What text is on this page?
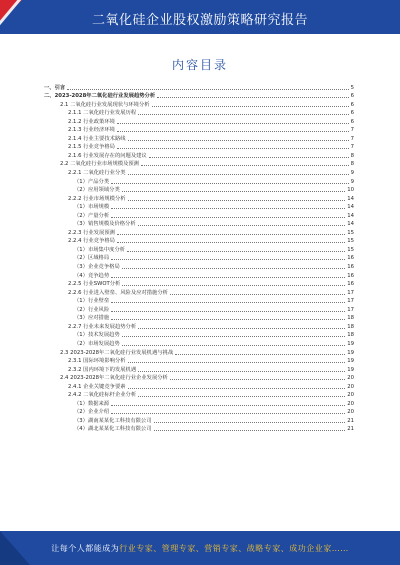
二氧化硅企业股权激励策略研究报告
内容目录
一、引言	5
二、2023-2028年二氧化硅行业发展趋势分析	6
2.1 二氧化硅行业发展现状与环境分析	6
2.1.1 二氧化硅行业发展历程	6
2.1.2 行业政策环境	6
2.1.3 行业经济环境	7
2.1.4 行业主要技术路线	7
2.1.5 行业竞争格局	7
2.1.6 行业发展存在的问题及建议	8
2.2 二氧化硅行业市场规模及预测	8
2.2.1 二氧化硅行业分类	9
（1）产品分类	9
（2）应用领域分类	10
2.2.2 行业市场规模分析	14
（1）市场规模	14
（2）产量分析	14
（3）销售规模及价格分析	14
2.2.3 行业发展预测	15
2.2.4 行业竞争格局	15
（1）市场集中度分析	15
（2）区域格局	16
（3）企业竞争格局	16
（4）竞争趋势	16
2.2.5 行业SWOT分析	16
2.2.6 行业进入壁垒、风险及应对措施分析	17
（1）行业壁垒	17
（2）行业风险	17
（3）应对措施	18
2.2.7 行业未来发展趋势分析	18
（1）技术发展趋势	18
（2）市场发展趋势	19
2.3 2023-2028年二氧化硅行业发展机遇与挑战	19
2.3.1 国际环境影响分析	19
2.3.2 国内环境下的发展机遇	19
2.4 2023-2028年二氧化硅行业企业发展分析	20
2.4.1 企业关键竞争要素	20
2.4.2 二氧化硅标杆企业分析	20
（1）数据来源	20
（2）企业介绍	20
（3）湖南某某化工科技有限公司	21
（4）湖北某某化工科技有限公司	21
让每个人都能成为行业专家、管理专家、营销专家、战略专家、成功企业家……
